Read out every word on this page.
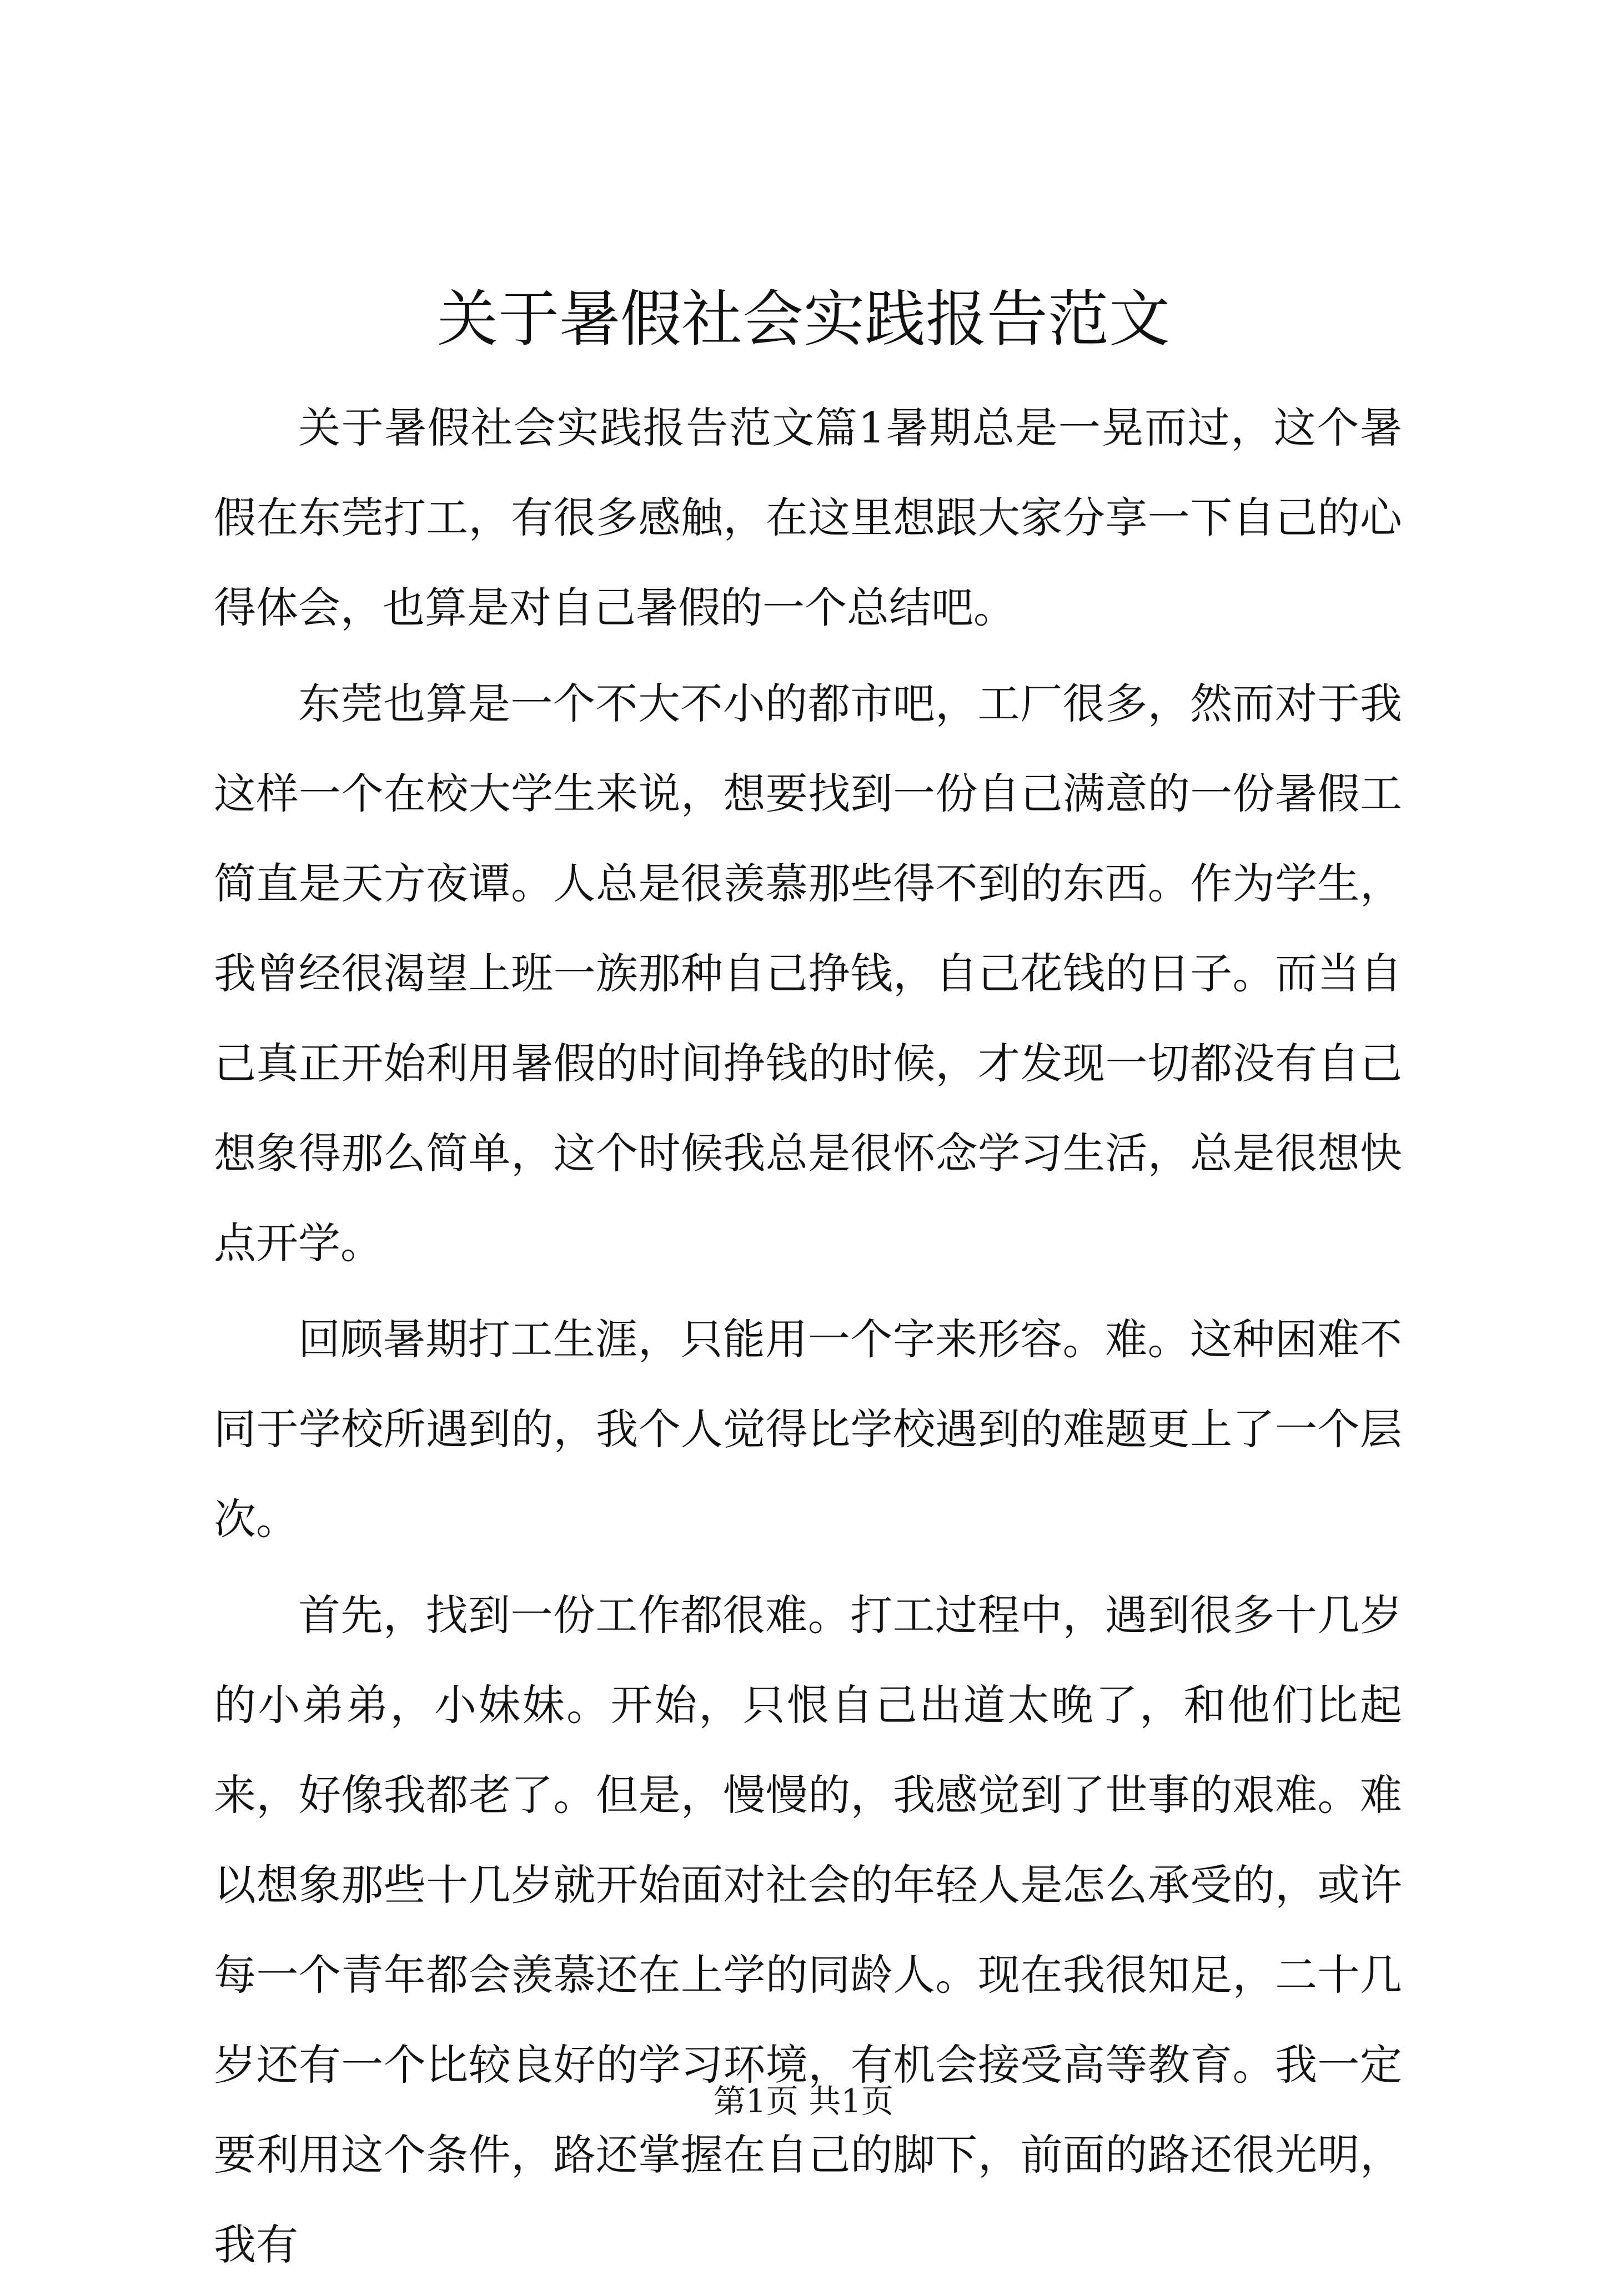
关于暑假社会实践报告范文

关于暑假社会实践报告范文篇1暑期总是一晃而过，这个暑假在东莞打工，有很多感触，在这里想跟大家分享一下自己的心得体会，也算是对自己暑假的一个总结吧。

东莞也算是一个不大不小的都市吧，工厂很多，然而对于我这样一个在校大学生来说，想要找到一份自己满意的一份暑假工简直是天方夜谭。人总是很羡慕那些得不到的东西。作为学生，我曾经很渴望上班一族那种自己挣钱，自己花钱的日子。而当自己真正开始利用暑假的时间挣钱的时候，才发现一切都没有自己想象得那么简单，这个时候我总是很怀念学习生活，总是很想快点开学。

回顾暑期打工生涯，只能用一个字来形容。难。这种困难不同于学校所遇到的，我个人觉得比学校遇到的难题更上了一个层次。

首先，找到一份工作都很难。打工过程中，遇到很多十几岁的小弟弟，小妹妹。开始，只恨自己出道太晚了，和他们比起来，好像我都老了。但是，慢慢的，我感觉到了世事的艰难。难以想象那些十几岁就开始面对社会的年轻人是怎么承受的，或许每一个青年都会羡慕还在上学的同龄人。现在我很知足，二十几岁还有一个比较良好的学习环境，有机会接受高等教育。我一定要利用这个条件，路还掌握在自己的脚下，前面的路还很光明，我有

第1页 共1页
